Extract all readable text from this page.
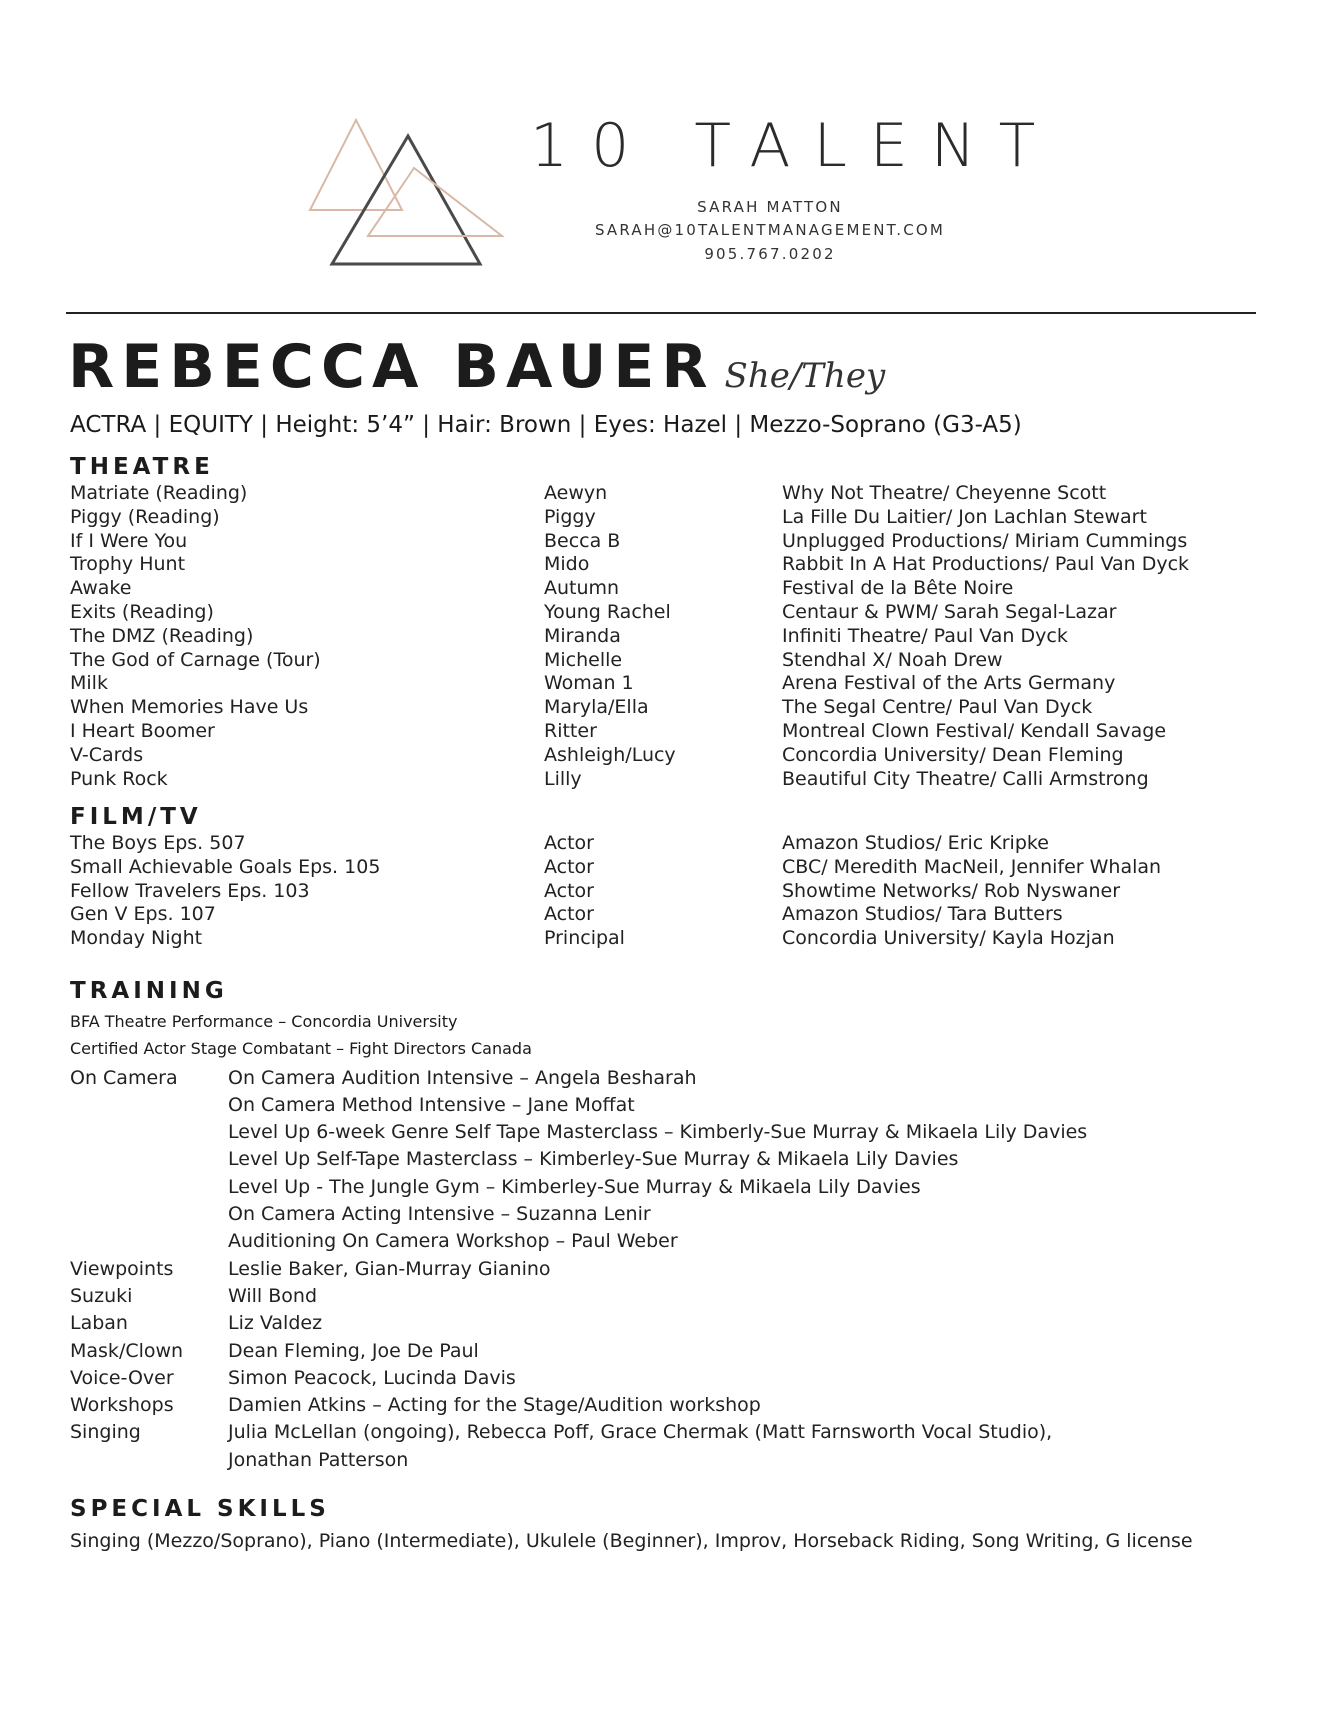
10 TALENT
SARAH MATTON
SARAH@10TALENTMANAGEMENT.COM
905.767.0202
REBECCA BAUER She/They
ACTRA | EQUITY | Height: 5’4” | Hair: Brown | Eyes: Hazel | Mezzo-Soprano (G3-A5)
THEATRE
Matriate (Reading)	Aewyn	Why Not Theatre/ Cheyenne Scott
Piggy (Reading)	Piggy	La Fille Du Laitier/ Jon Lachlan Stewart
If I Were You	Becca B	Unplugged Productions/ Miriam Cummings
Trophy Hunt	Mido	Rabbit In A Hat Productions/ Paul Van Dyck
Awake	Autumn	Festival de la Bête Noire
Exits (Reading)	Young Rachel	Centaur & PWM/ Sarah Segal-Lazar
The DMZ (Reading)	Miranda	Infiniti Theatre/ Paul Van Dyck
The God of Carnage (Tour)	Michelle	Stendhal X/ Noah Drew
Milk	Woman 1	Arena Festival of the Arts Germany
When Memories Have Us	Maryla/Ella	The Segal Centre/ Paul Van Dyck
I Heart Boomer	Ritter	Montreal Clown Festival/ Kendall Savage
V-Cards	Ashleigh/Lucy	Concordia University/ Dean Fleming
Punk Rock	Lilly	Beautiful City Theatre/ Calli Armstrong
FILM/TV
The Boys Eps. 507	Actor	Amazon Studios/ Eric Kripke
Small Achievable Goals Eps. 105	Actor	CBC/ Meredith MacNeil, Jennifer Whalan
Fellow Travelers Eps. 103	Actor	Showtime Networks/ Rob Nyswaner
Gen V Eps. 107	Actor	Amazon Studios/ Tara Butters
Monday Night	Principal	Concordia University/ Kayla Hozjan
TRAINING
BFA Theatre Performance – Concordia University
Certified Actor Stage Combatant – Fight Directors Canada
On Camera	On Camera Audition Intensive – Angela Besharah
On Camera Method Intensive – Jane Moffat
Level Up 6-week Genre Self Tape Masterclass – Kimberly-Sue Murray & Mikaela Lily Davies
Level Up Self-Tape Masterclass – Kimberley-Sue Murray & Mikaela Lily Davies
Level Up - The Jungle Gym – Kimberley-Sue Murray & Mikaela Lily Davies
On Camera Acting Intensive – Suzanna Lenir
Auditioning On Camera Workshop – Paul Weber
Viewpoints	Leslie Baker, Gian-Murray Gianino
Suzuki	Will Bond
Laban	Liz Valdez
Mask/Clown Dean Fleming, Joe De Paul
Voice-Over	Simon Peacock, Lucinda Davis
Workshops	Damien Atkins – Acting for the Stage/Audition workshop
Singing	Julia McLellan (ongoing), Rebecca Poff, Grace Chermak (Matt Farnsworth Vocal Studio),
Jonathan Patterson
SPECIAL SKILLS
Singing (Mezzo/Soprano), Piano (Intermediate), Ukulele (Beginner), Improv, Horseback Riding, Song Writing, G license
